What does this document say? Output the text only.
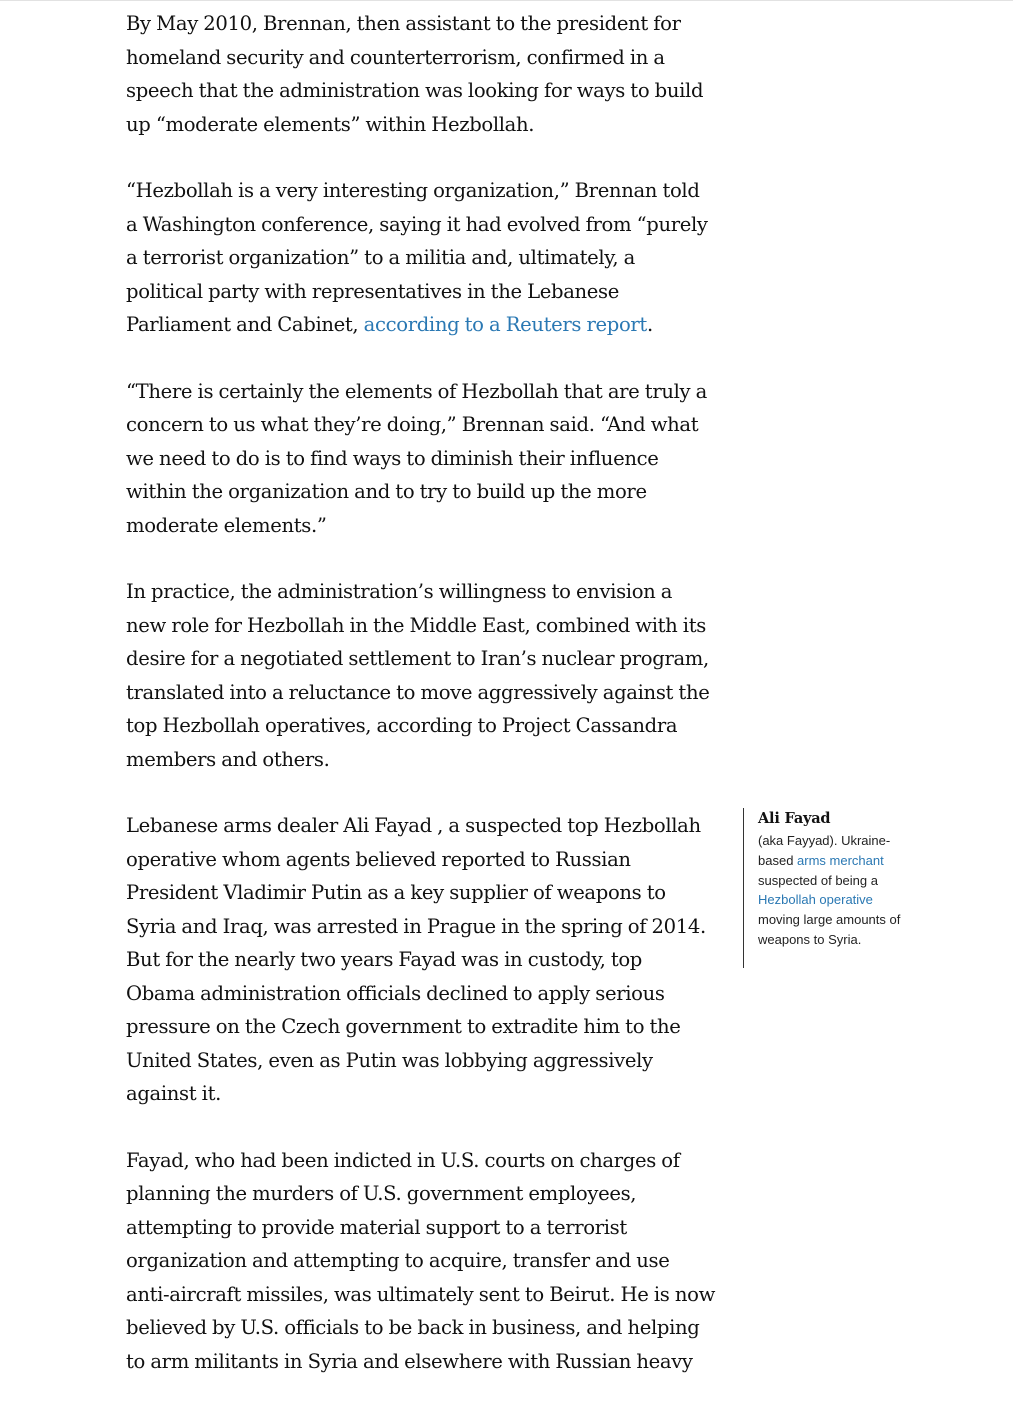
By May 2010, Brennan, then assistant to the president for homeland security and counterterrorism, confirmed in a speech that the administration was looking for ways to build up “moderate elements” within Hezbollah.

“Hezbollah is a very interesting organization,” Brennan told a Washington conference, saying it had evolved from “purely a terrorist organization” to a militia and, ultimately, a political party with representatives in the Lebanese Parliament and Cabinet, according to a Reuters report.

“There is certainly the elements of Hezbollah that are truly a concern to us what they’re doing,” Brennan said. “And what we need to do is to find ways to diminish their influence within the organization and to try to build up the more moderate elements.”

In practice, the administration’s willingness to envision a new role for Hezbollah in the Middle East, combined with its desire for a negotiated settlement to Iran’s nuclear program, translated into a reluctance to move aggressively against the top Hezbollah operatives, according to Project Cassandra members and others.

Lebanese arms dealer Ali Fayad , a suspected top Hezbollah operative whom agents believed reported to Russian President Vladimir Putin as a key supplier of weapons to Syria and Iraq, was arrested in Prague in the spring of 2014. But for the nearly two years Fayad was in custody, top Obama administration officials declined to apply serious pressure on the Czech government to extradite him to the United States, even as Putin was lobbying aggressively against it.

Fayad, who had been indicted in U.S. courts on charges of planning the murders of U.S. government employees, attempting to provide material support to a terrorist organization and attempting to acquire, transfer and use anti-aircraft missiles, was ultimately sent to Beirut. He is now believed by U.S. officials to be back in business, and helping to arm militants in Syria and elsewhere with Russian heavy

Ali Fayad

(aka Fayyad). Ukraine-based arms merchant suspected of being a Hezbollah operative moving large amounts of weapons to Syria.
